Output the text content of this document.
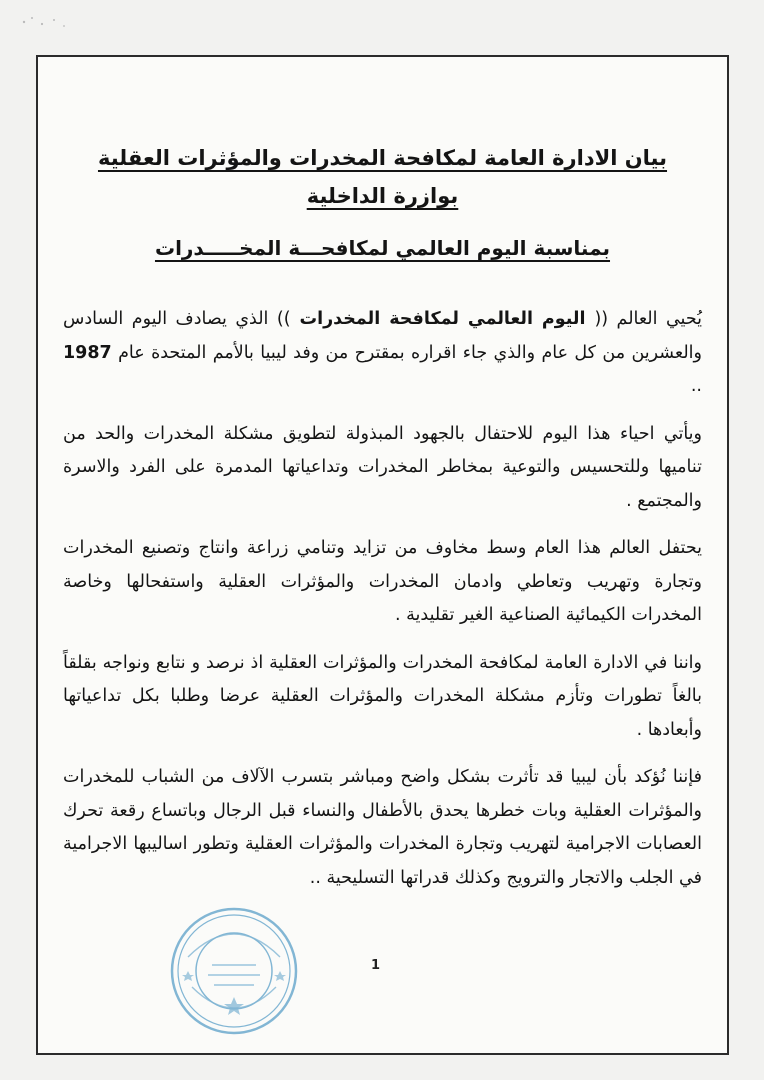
بيان الادارة العامة لمكافحة المخدرات والمؤثرات العقلية بوازرة الداخلية
بمناسبة اليوم العالمي لمكافحـــة المخـــــدرات

يُحيي العالم (( اليوم العالمي لمكافحة المخدرات )) الذي يصادف اليوم السادس والعشرين من كل عام والذي جاء اقراره بمقترح من وفد ليبيا بالأمم المتحدة عام 1987 ..

ويأتي احياء هذا اليوم للاحتفال بالجهود المبذولة لتطويق مشكلة المخدرات والحد من تناميها وللتحسيس والتوعية بمخاطر المخدرات وتداعياتها المدمرة على الفرد والاسرة والمجتمع .

يحتفل العالم هذا العام وسط مخاوف من تزايد وتنامي زراعة وانتاج وتصنيع المخدرات وتجارة وتهريب وتعاطي وادمان المخدرات والمؤثرات العقلية واستفحالها وخاصة المخدرات الكيمائية الصناعية الغير تقليدية .

واننا في الادارة العامة لمكافحة المخدرات والمؤثرات العقلية اذ نرصد و نتابع ونواجه بقلقاً بالغاً تطورات وتأزم مشكلة المخدرات والمؤثرات العقلية عرضا وطلبا بكل تداعياتها وأبعادها .

فإننا نُؤكد بأن ليبيا قد تأثرت بشكل واضح ومباشر بتسرب الآلاف من الشباب للمخدرات والمؤثرات العقلية وبات خطرها يحدق بالأطفال والنساء قبل الرجال وباتساع رقعة تحرك العصابات الاجرامية لتهريب وتجارة المخدرات والمؤثرات العقلية وتطور اساليبها الاجرامية في الجلب والاتجار والترويج وكذلك قدراتها التسليحية ..

1
